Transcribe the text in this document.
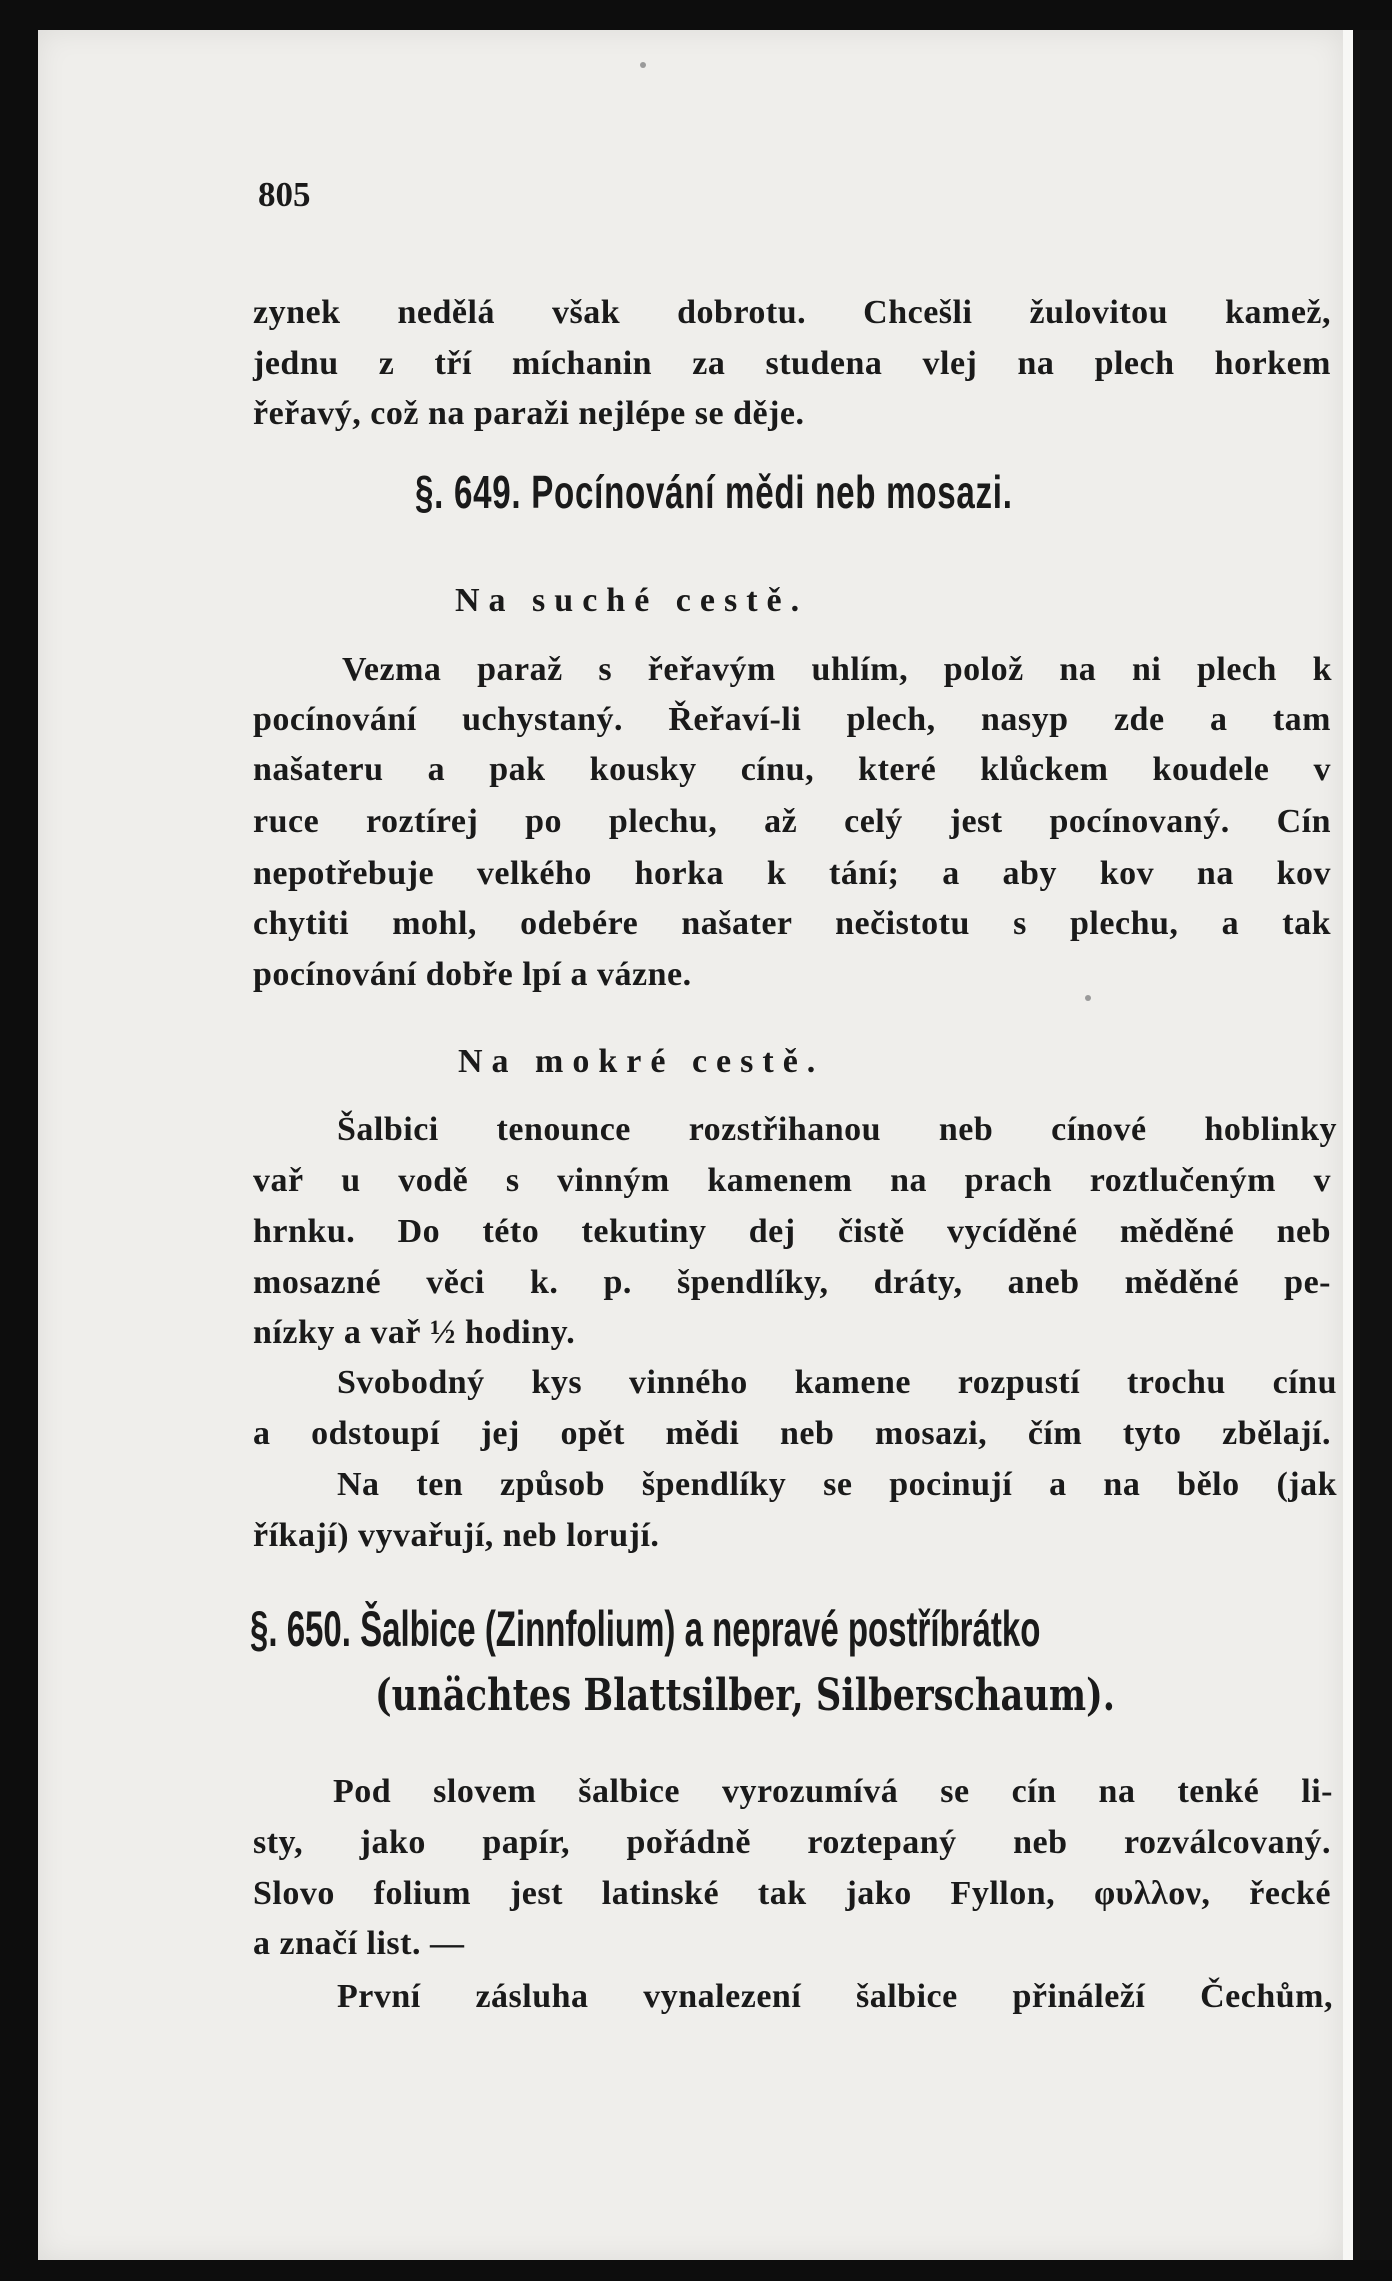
805
zynek nedělá však dobrotu. Chcešli žulovitou kamež,
jednu z tří míchanin za studena vlej na plech horkem
řeřavý, což na paraži nejlépe se děje.
§. 649. Pocínování mědi neb mosazi.
Na suché cestě.
Vezma paraž s řeřavým uhlím, polož na ni plech k
pocínování uchystaný. Řeřaví-li plech, nasyp zde a tam
našateru a pak kousky cínu, které klůckem koudele v
ruce roztírej po plechu, až celý jest pocínovaný. Cín
nepotřebuje velkého horka k tání; a aby kov na kov
chytiti mohl, odebére našater nečistotu s plechu, a tak
pocínování dobře lpí a vázne.
Na mokré cestě.
Šalbici tenounce rozstřihanou neb cínové hoblinky
vař u vodě s vinným kamenem na prach roztlučeným v
hrnku. Do této tekutiny dej čistě vycíděné měděné neb
mosazné věci k. p. špendlíky, dráty, aneb měděné pe-
nízky a vař ½ hodiny.
Svobodný kys vinného kamene rozpustí trochu cínu
a odstoupí jej opět mědi neb mosazi, čím tyto zbělají.
Na ten způsob špendlíky se pocinují a na bělo (jak
říkají) vyvařují, neb lorují.
§. 650. Šalbice (Zinnfolium) a nepravé postříbrátko
(unächtes Blattsilber, Silberschaum).
Pod slovem šalbice vyrozumívá se cín na tenké li-
sty, jako papír, pořádně roztepaný neb rozválcovaný.
Slovo folium jest latinské tak jako Fyllon, φυλλον, řecké
a značí list. —
První zásluha vynalezení šalbice přináleží Čechům,
